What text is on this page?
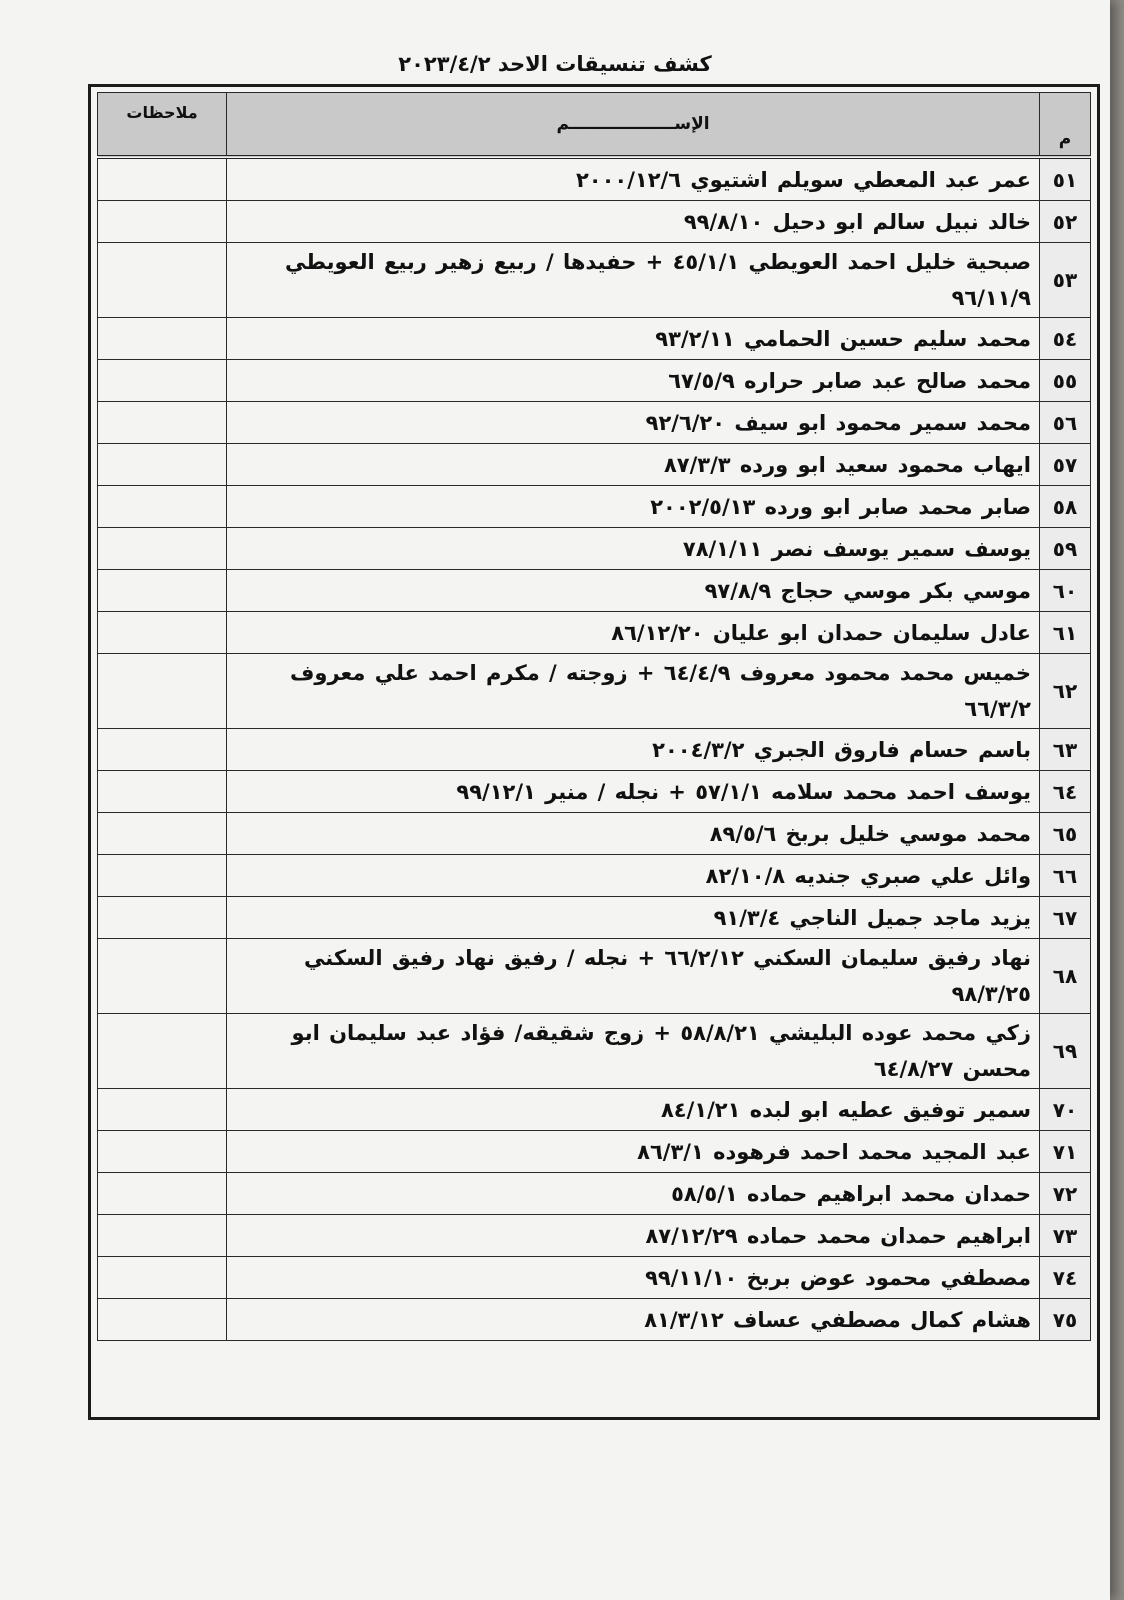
كشف تنسيقات الاحد ٢٠٢٣/٤/٢
م	الإســــــــــــــــــم	ملاحظات
٥١	عمر عبد المعطي سويلم اشتيوي ٢٠٠٠/١٢/٦	
٥٢	خالد نبيل سالم ابو دحيل ٩٩/٨/١٠	
٥٣	صبحية خليل احمد العويطي ٤٥/١/١ + حفيدها / ربيع زهير ربيع العويطي ٩٦/١١/٩	
٥٤	محمد سليم حسين الحمامي ٩٣/٢/١١	
٥٥	محمد صالح عبد صابر حراره ٦٧/٥/٩	
٥٦	محمد سمير محمود ابو سيف ٩٢/٦/٢٠	
٥٧	ايهاب محمود سعيد ابو ورده ٨٧/٣/٣	
٥٨	صابر محمد صابر ابو ورده ٢٠٠٢/٥/١٣	
٥٩	يوسف سمير يوسف نصر ٧٨/١/١١	
٦٠	موسي بكر موسي حجاج ٩٧/٨/٩	
٦١	عادل سليمان حمدان ابو عليان ٨٦/١٢/٢٠	
٦٢	خميس محمد محمود معروف ٦٤/٤/٩ + زوجته / مكرم احمد علي معروف ٦٦/٣/٢	
٦٣	باسم حسام فاروق الجبري ٢٠٠٤/٣/٢	
٦٤	يوسف احمد محمد سلامه ٥٧/١/١ + نجله / منير ٩٩/١٢/١	
٦٥	محمد موسي خليل بربخ ٨٩/٥/٦	
٦٦	وائل علي صبري جنديه ٨٢/١٠/٨	
٦٧	يزيد ماجد جميل الناجي ٩١/٣/٤	
٦٨	نهاد رفيق سليمان السكني ٦٦/٢/١٢ + نجله / رفيق نهاد رفيق السكني ٩٨/٣/٢٥	
٦٩	زكي محمد عوده البليشي ٥٨/٨/٢١ + زوج شقيقه/ فؤاد عبد سليمان ابو محسن ٦٤/٨/٢٧	
٧٠	سمير توفيق عطيه ابو لبده ٨٤/١/٢١	
٧١	عبد المجيد محمد احمد فرهوده ٨٦/٣/١	
٧٢	حمدان محمد ابراهيم حماده ٥٨/٥/١	
٧٣	ابراهيم حمدان محمد حماده ٨٧/١٢/٢٩	
٧٤	مصطفي محمود عوض بربخ ٩٩/١١/١٠	
٧٥	هشام كمال مصطفي عساف ٨١/٣/١٢	
